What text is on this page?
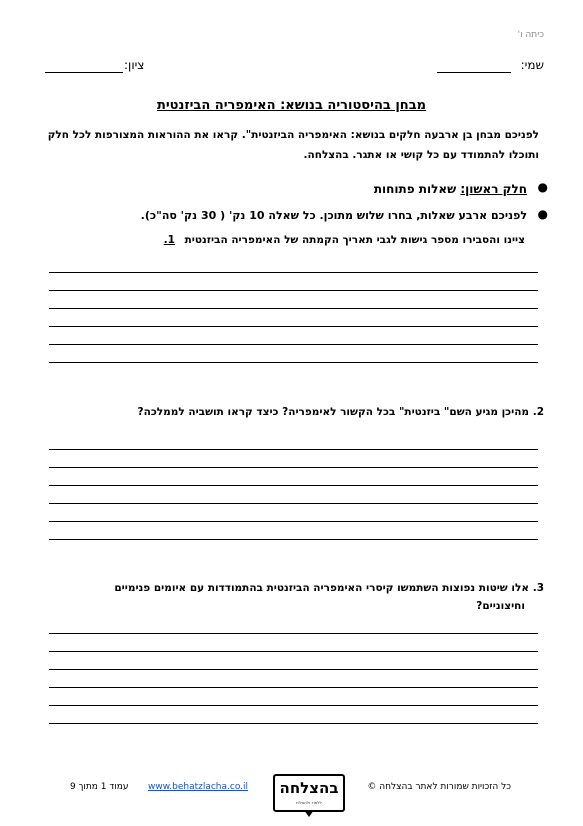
כיתה ו'
שמי:
ציון:
מבחן בהיסטוריה בנושא: האימפריה הביזנטית
לפניכם מבחן בן ארבעה חלקים בנושא: האימפריה הביזנטית". קראו את ההוראות המצורפות לכל חלק ותוכלו להתמודד עם כל קושי או אתגר. בהצלחה.
●
חלק ראשון: שאלות פתוחות
●
לפניכם ארבע שאלות, בחרו שלוש מתוכן. כל שאלה 10 נק' ( 30 נק' סה"כ).
ציינו והסבירו מספר גישות לגבי תאריך הקמתה של האימפריה הביזנטית 1.
2. מהיכן מגיע השם" ביזנטית" בכל הקשור לאימפריה? כיצד קראו תושביה לממלכה?
3. אלו שיטות נפוצות השתמשו קיסרי האימפריה הביזנטית בהתמודדות עם איומים פנימיים
וחיצוניים?
עמוד 1 מתוך 9 www.behatzlacha.co.il	בהצלחה
ללמוד ולהצליח
כל הזכויות שמורות לאתר בהצלחה ©
